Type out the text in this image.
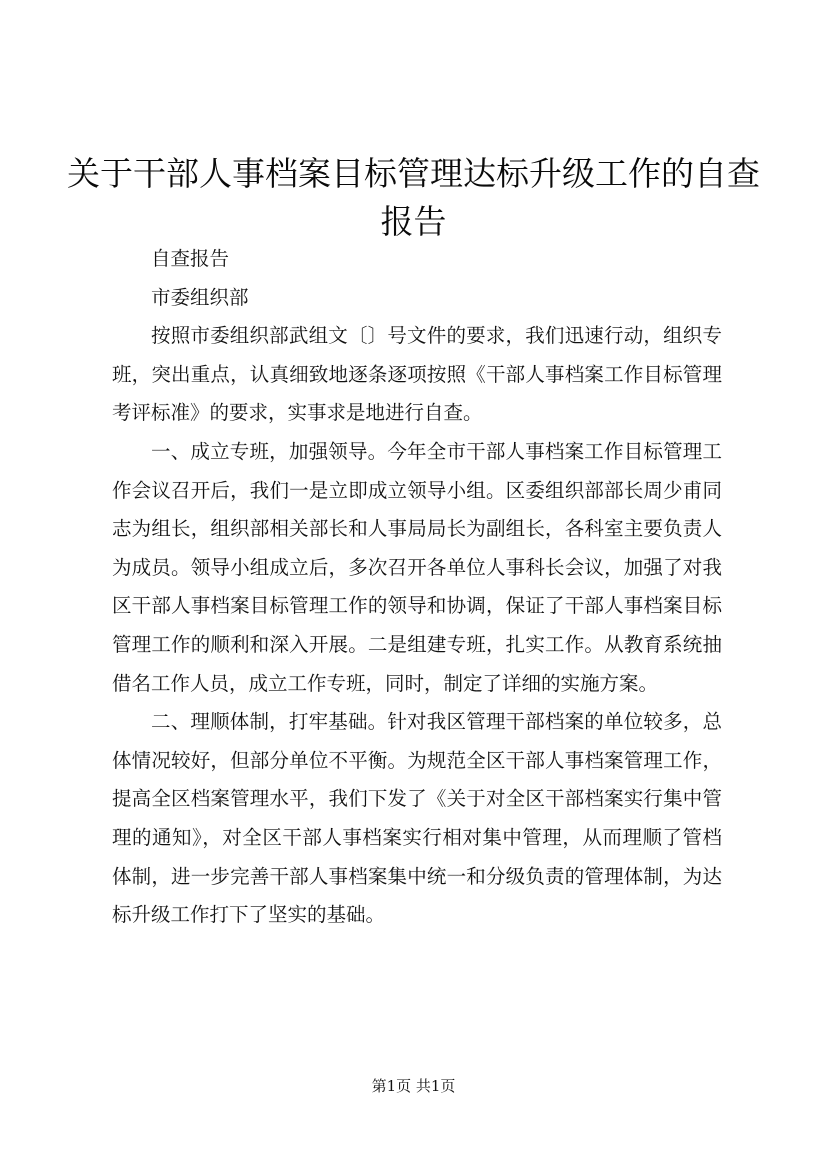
关于干部人事档案目标管理达标升级工作的自查报告

自查报告

市委组织部

按照市委组织部武组文〔〕号文件的要求，我们迅速行动，组织专班，突出重点，认真细致地逐条逐项按照《干部人事档案工作目标管理考评标准》的要求，实事求是地进行自查。

一、成立专班，加强领导。今年全市干部人事档案工作目标管理工作会议召开后，我们一是立即成立领导小组。区委组织部部长周少甫同志为组长，组织部相关部长和人事局局长为副组长，各科室主要负责人为成员。领导小组成立后，多次召开各单位人事科长会议，加强了对我区干部人事档案目标管理工作的领导和协调，保证了干部人事档案目标管理工作的顺利和深入开展。二是组建专班，扎实工作。从教育系统抽借名工作人员，成立工作专班，同时，制定了详细的实施方案。

二、理顺体制，打牢基础。针对我区管理干部档案的单位较多，总体情况较好，但部分单位不平衡。为规范全区干部人事档案管理工作，提高全区档案管理水平，我们下发了《关于对全区干部档案实行集中管理的通知》，对全区干部人事档案实行相对集中管理，从而理顺了管档体制，进一步完善干部人事档案集中统一和分级负责的管理体制，为达标升级工作打下了坚实的基础。

第1页 共1页
